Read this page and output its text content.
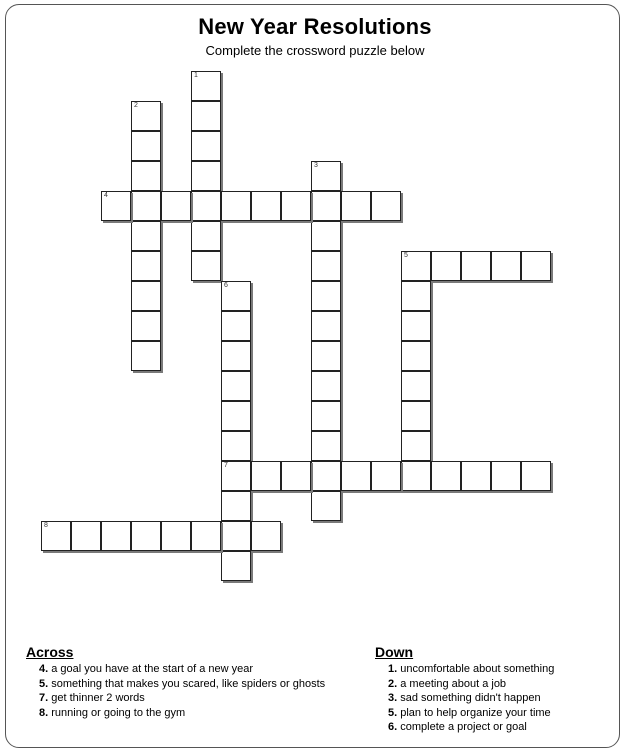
New Year Resolutions
Complete the crossword puzzle below
1
2
3
4
5
6
7
8
Across
4. a goal you have at the start of a new year
5. something that makes you scared, like spiders or ghosts
7. get thinner 2 words
8. running or going to the gym
Down
1. uncomfortable about something
2. a meeting about a job
3. sad something didn't happen
5. plan to help organize your time
6. complete a project or goal
